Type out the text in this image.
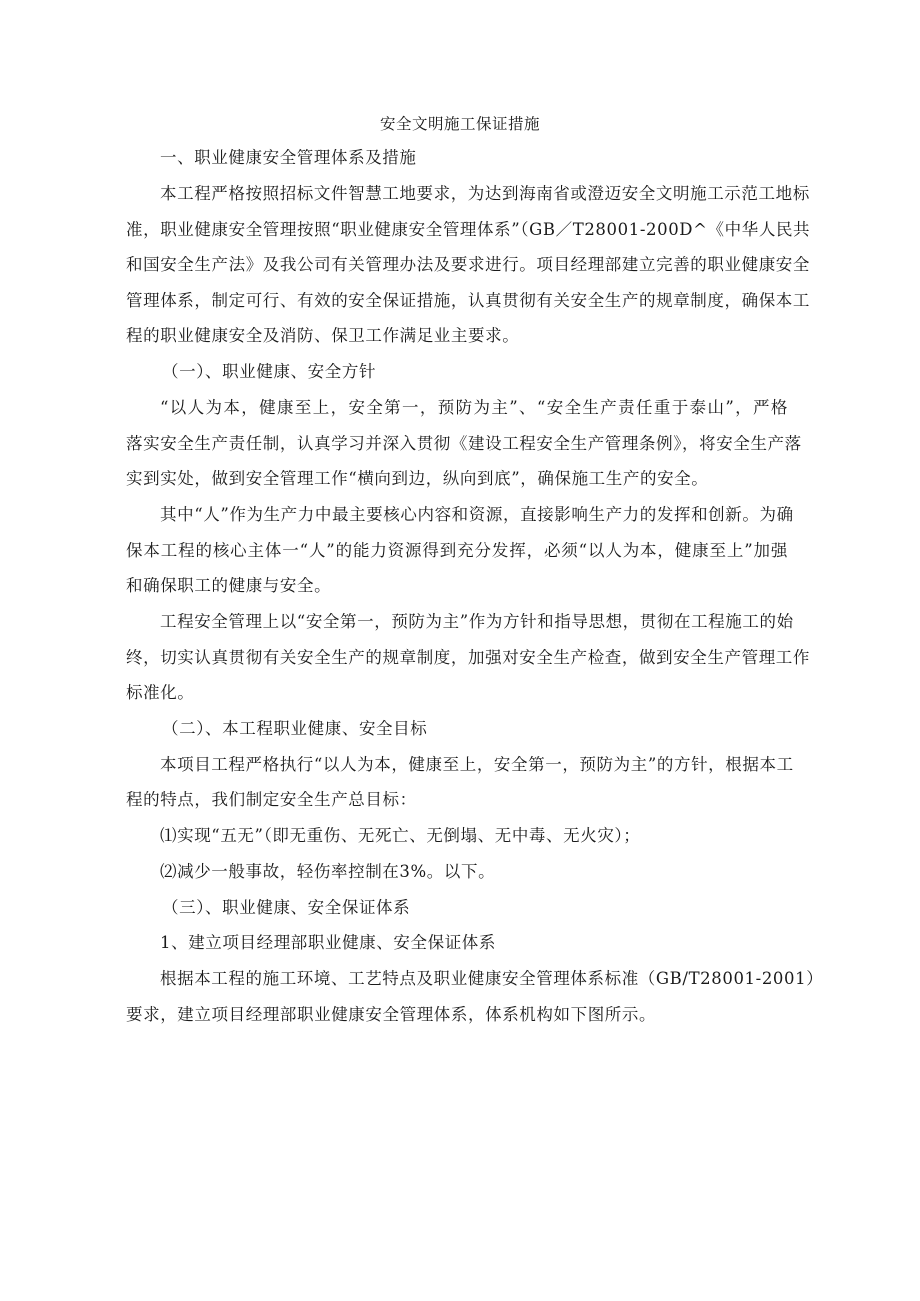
安全文明施工保证措施
一、职业健康安全管理体系及措施
本工程严格按照招标文件智慧工地要求，为达到海南省或澄迈安全文明施工示范工地标
准，职业健康安全管理按照“职业健康安全管理体系”（GB／T28001-200D^《中华人民共
和国安全生产法》及我公司有关管理办法及要求进行。项目经理部建立完善的职业健康安全
管理体系，制定可行、有效的安全保证措施，认真贯彻有关安全生产的规章制度，确保本工
程的职业健康安全及消防、保卫工作满足业主要求。
（一）、职业健康、安全方针
“以人为本，健康至上，安全第一，预防为主”、“安全生产责任重于泰山”，严格
落实安全生产责任制，认真学习并深入贯彻《建设工程安全生产管理条例》，将安全生产落
实到实处，做到安全管理工作“横向到边，纵向到底”，确保施工生产的安全。
其中“人”作为生产力中最主要核心内容和资源，直接影响生产力的发挥和创新。为确
保本工程的核心主体一“人”的能力资源得到充分发挥，必须“以人为本，健康至上”加强
和确保职工的健康与安全。
工程安全管理上以“安全第一，预防为主”作为方针和指导思想，贯彻在工程施工的始
终，切实认真贯彻有关安全生产的规章制度，加强对安全生产检查，做到安全生产管理工作
标准化。
（二）、本工程职业健康、安全目标
本项目工程严格执行“以人为本，健康至上，安全第一，预防为主”的方针，根据本工
程的特点，我们制定安全生产总目标：
⑴实现“五无”（即无重伤、无死亡、无倒塌、无中毒、无火灾）；
⑵减少一般事故，轻伤率控制在3%。以下。
（三）、职业健康、安全保证体系
1、建立项目经理部职业健康、安全保证体系
根据本工程的施工环境、工艺特点及职业健康安全管理体系标准（GB/T28001-2001）
要求，建立项目经理部职业健康安全管理体系，体系机构如下图所示。
